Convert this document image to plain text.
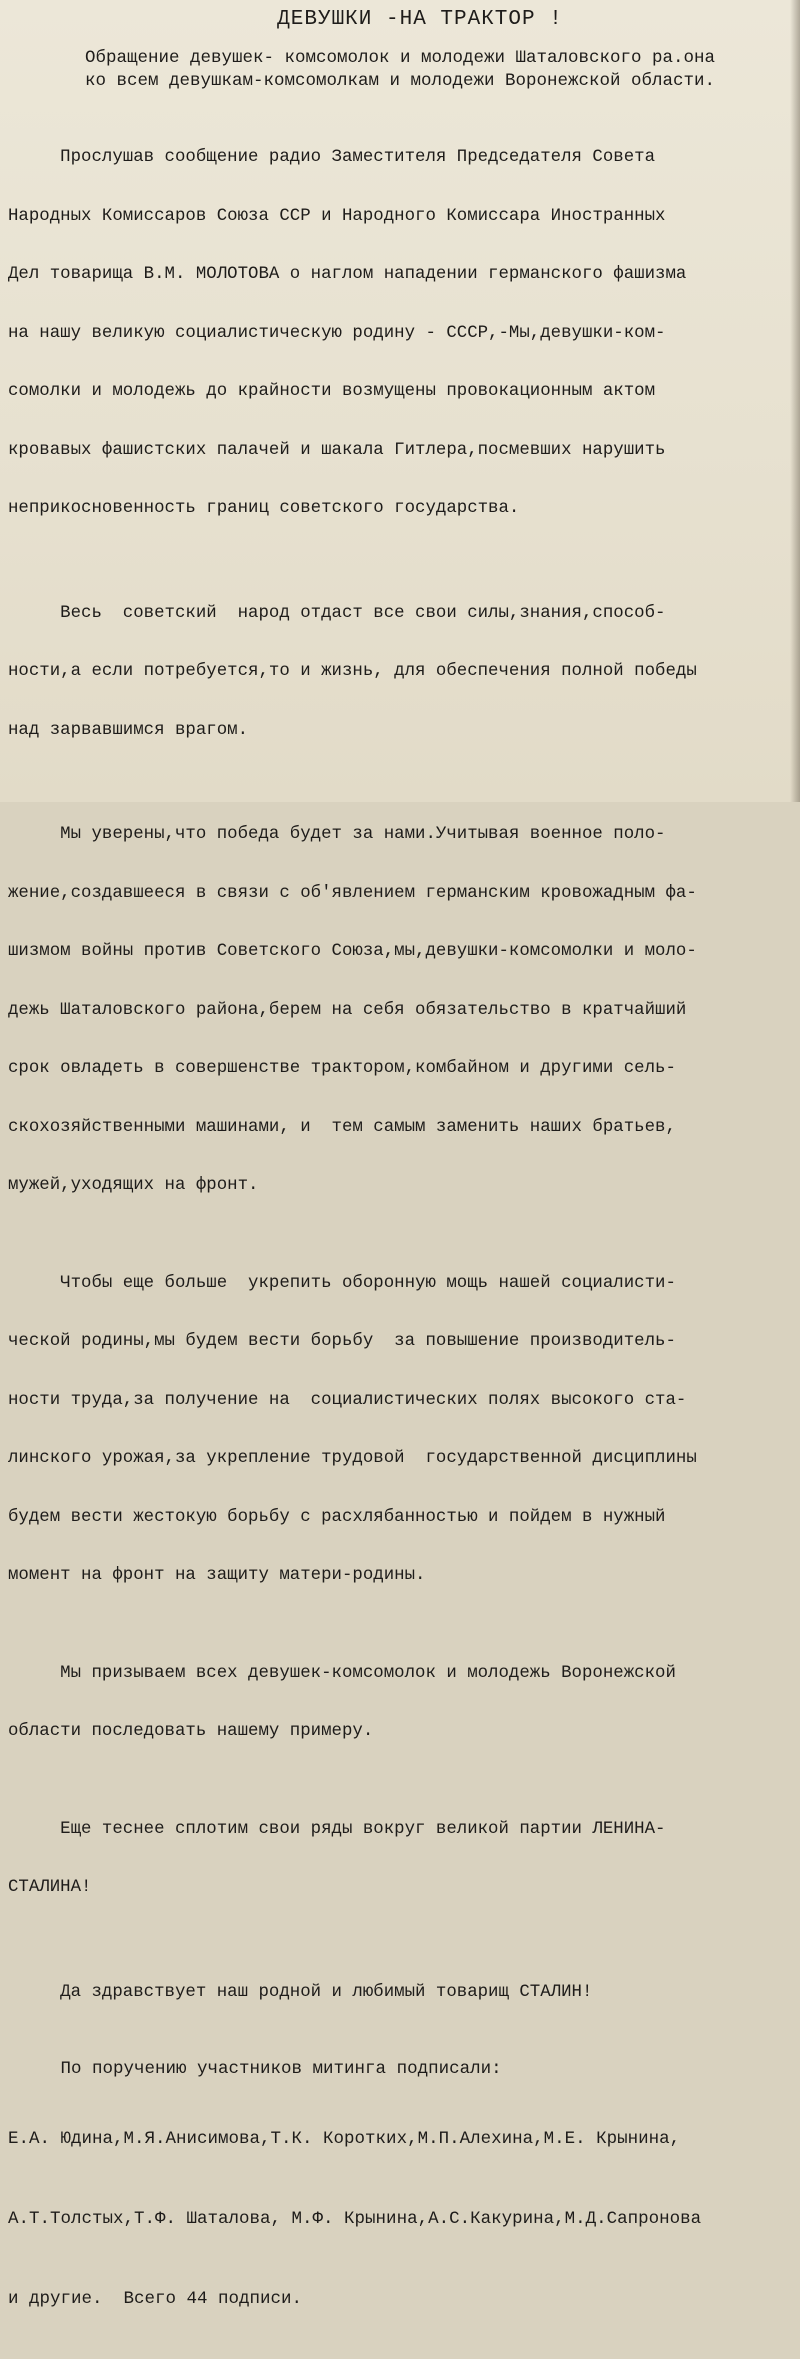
ДЕВУШКИ -НА ТРАКТОР !
Обращение девушек- комсомолок и молодежи Шаталовского ра.она
ко всем девушкам-комсомолкам и молодежи Воронежской области.

Прослушав сообщение радио Заместителя Председателя Совета

Народных Комиссаров Союза ССР и Народного Комиссара Иностранных

Дел товарища В.М. МОЛОТОВА о наглом нападении германского фашизма

на нашу великую социалистическую родину - СССР,-Мы,девушки-ком-

сомолки и молодежь до крайности возмущены провокационным актом

кровавых фашистских палачей и шакала Гитлера,посмевших нарушить

неприкосновенность границ советского государства.

Весь  советский  народ отдаст все свои силы,знания,способ-

ности,а если потребуется,то и жизнь, для обеспечения полной победы

над зарвавшимся врагом.

Мы уверены,что победа будет за нами.Учитывая военное поло-

жение,создавшееся в связи с об'явлением германским кровожадным фа-

шизмом войны против Советского Союза,мы,девушки-комсомолки и моло-

дежь Шаталовского района,берем на себя обязательство в кратчайший

срок овладеть в совершенстве трактором,комбайном и другими сель-

скохозяйственными машинами, и  тем самым заменить наших братьев,

мужей,уходящих на фронт.

Чтобы еще больше  укрепить оборонную мощь нашей социалисти-

ческой родины,мы будем вести борьбу  за повышение производитель-

ности труда,за получение на  социалистических полях высокого ста-

линского урожая,за укрепление трудовой  государственной дисциплины

будем вести жестокую борьбу с расхлябанностью и пойдем в нужный

момент на фронт на защиту матери-родины.

Мы призываем всех девушек-комсомолок и молодежь Воронежской

области последовать нашему примеру.

Еще теснее сплотим свои ряды вокруг великой партии ЛЕНИНА-

СТАЛИНА!

Да здравствует наш родной и любимый товарищ СТАЛИН!

По поручению участников митинга подписали:

Е.А. Юдина,М.Я.Анисимова,Т.К. Коротких,М.П.Алехина,М.Е. Крынина,

А.Т.Толстых,Т.Ф. Шаталова, М.Ф. Крынина,А.С.Какурина,М.Д.Сапронова

и другие.  Всего 44 подписи.
